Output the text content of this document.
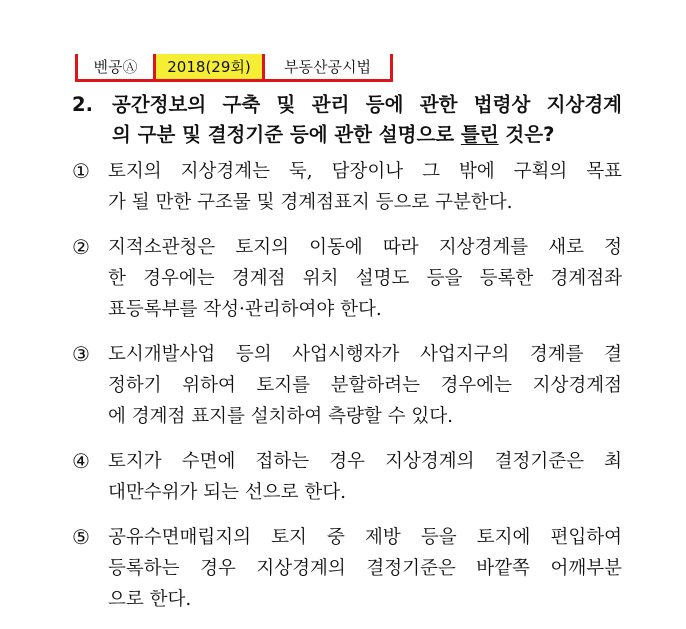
벤공Ⓐ	2018(29회)	부동산공시법
2. 공간정보의 구축 및 관리 등에 관한 법령상 지상경계
의 구분 및 결정기준 등에 관한 설명으로 틀린 것은?
① 토지의 지상경계는 둑, 담장이나 그 밖에 구획의 목표
가 될 만한 구조물 및 경계점표지 등으로 구분한다.
② 지적소관청은 토지의 이동에 따라 지상경계를 새로 정
한 경우에는 경계점 위치 설명도 등을 등록한 경계점좌
표등록부를 작성·관리하여야 한다.
③ 도시개발사업 등의 사업시행자가 사업지구의 경계를 결
정하기 위하여 토지를 분할하려는 경우에는 지상경계점
에 경계점 표지를 설치하여 측량할 수 있다.
④ 토지가 수면에 접하는 경우 지상경계의 결정기준은 최
대만수위가 되는 선으로 한다.
⑤ 공유수면매립지의 토지 중 제방 등을 토지에 편입하여
등록하는 경우 지상경계의 결정기준은 바깥쪽 어깨부분
으로 한다.
